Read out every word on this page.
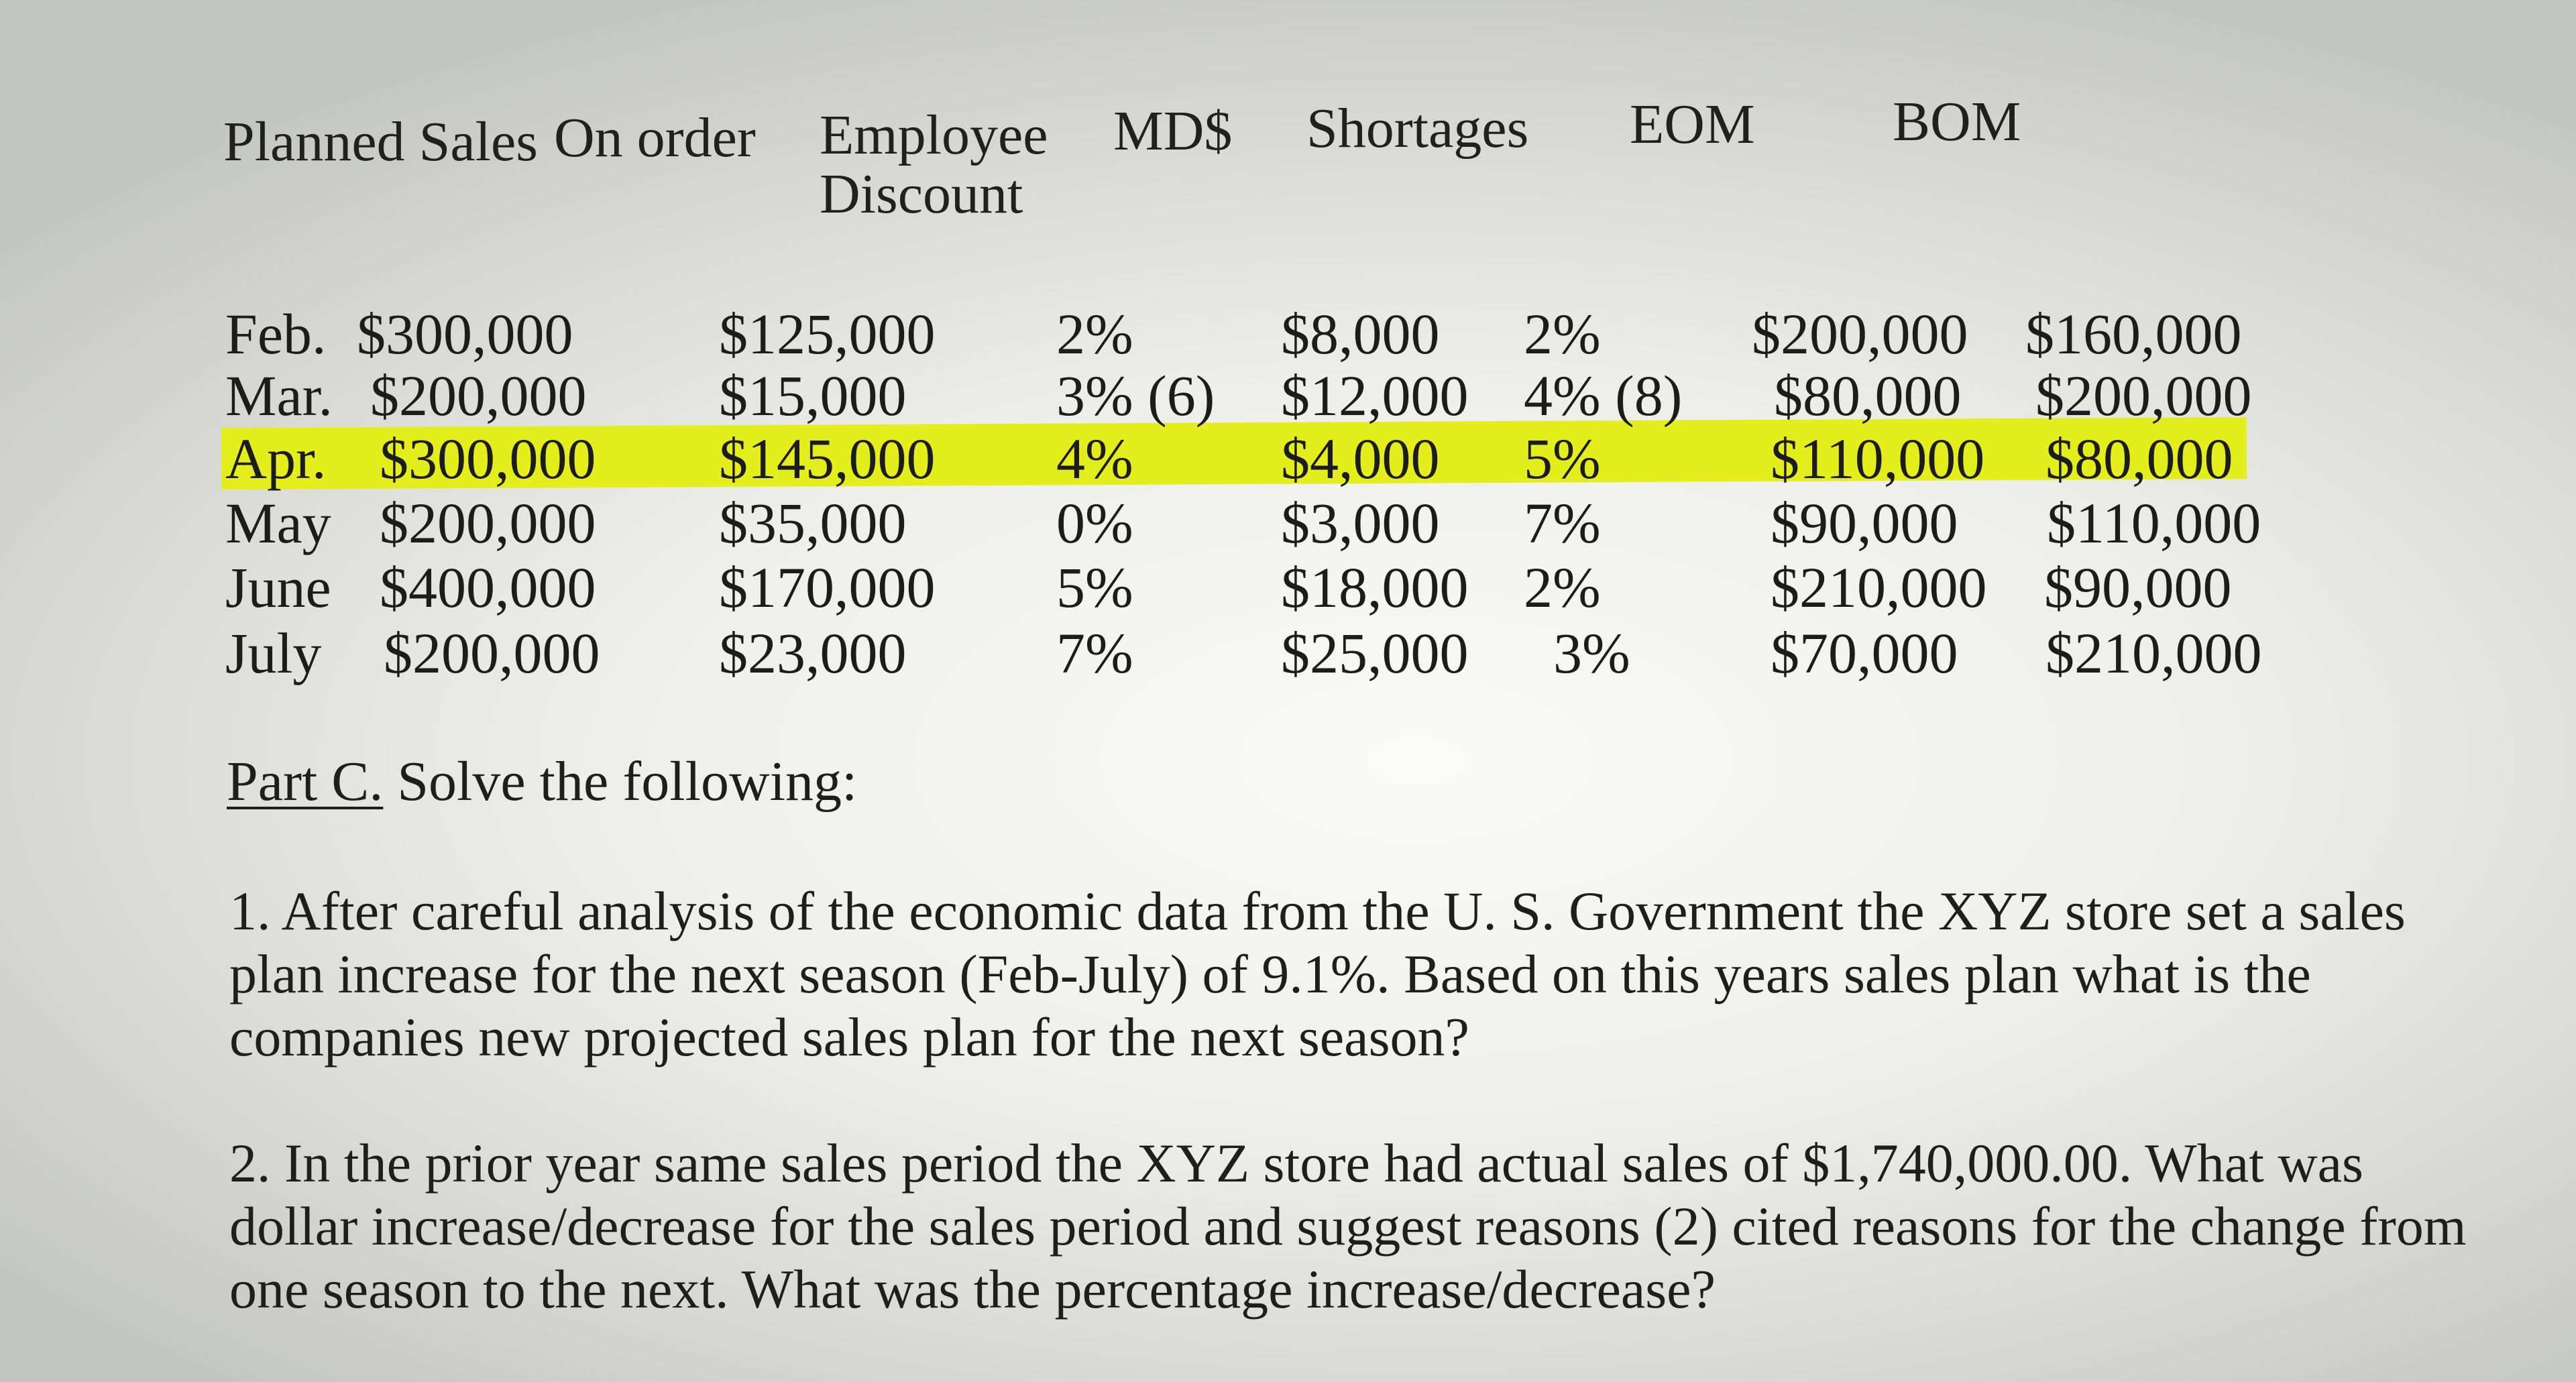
Planned Sales On order Employee
Discount
MD$ Shortages EOM BOM
Feb. $300,000	$125,000 2%	$8,000 2%	$200,000 $160,000
Mar. $200,000 $15,000	3% (6) $12,000 4% (8) $80,000 $200,000
Apr. $300,000 $145,000 4%	$4,000 5%	$110,000 $80,000
May $200,000 $35,000	0%	$3,000 7%	$90,000 $110,000
June $400,000 $170,000 5%	$18,000 2%	$210,000 $90,000
July $200,000 $23,000	7%	$25,000 3% $70,000 $210,000
Part C. Solve the following:
1. After careful analysis of the economic data from the U. S. Government the XYZ store set a sales plan increase for the next season (Feb-July) of 9.1%. Based on this years sales plan what is the companies new projected sales plan for the next season?
2. In the prior year same sales period the XYZ store had actual sales of $1,740,000.00. What was dollar increase/decrease for the sales period and suggest reasons (2) cited reasons for the change from one season to the next. What was the percentage increase/decrease?
